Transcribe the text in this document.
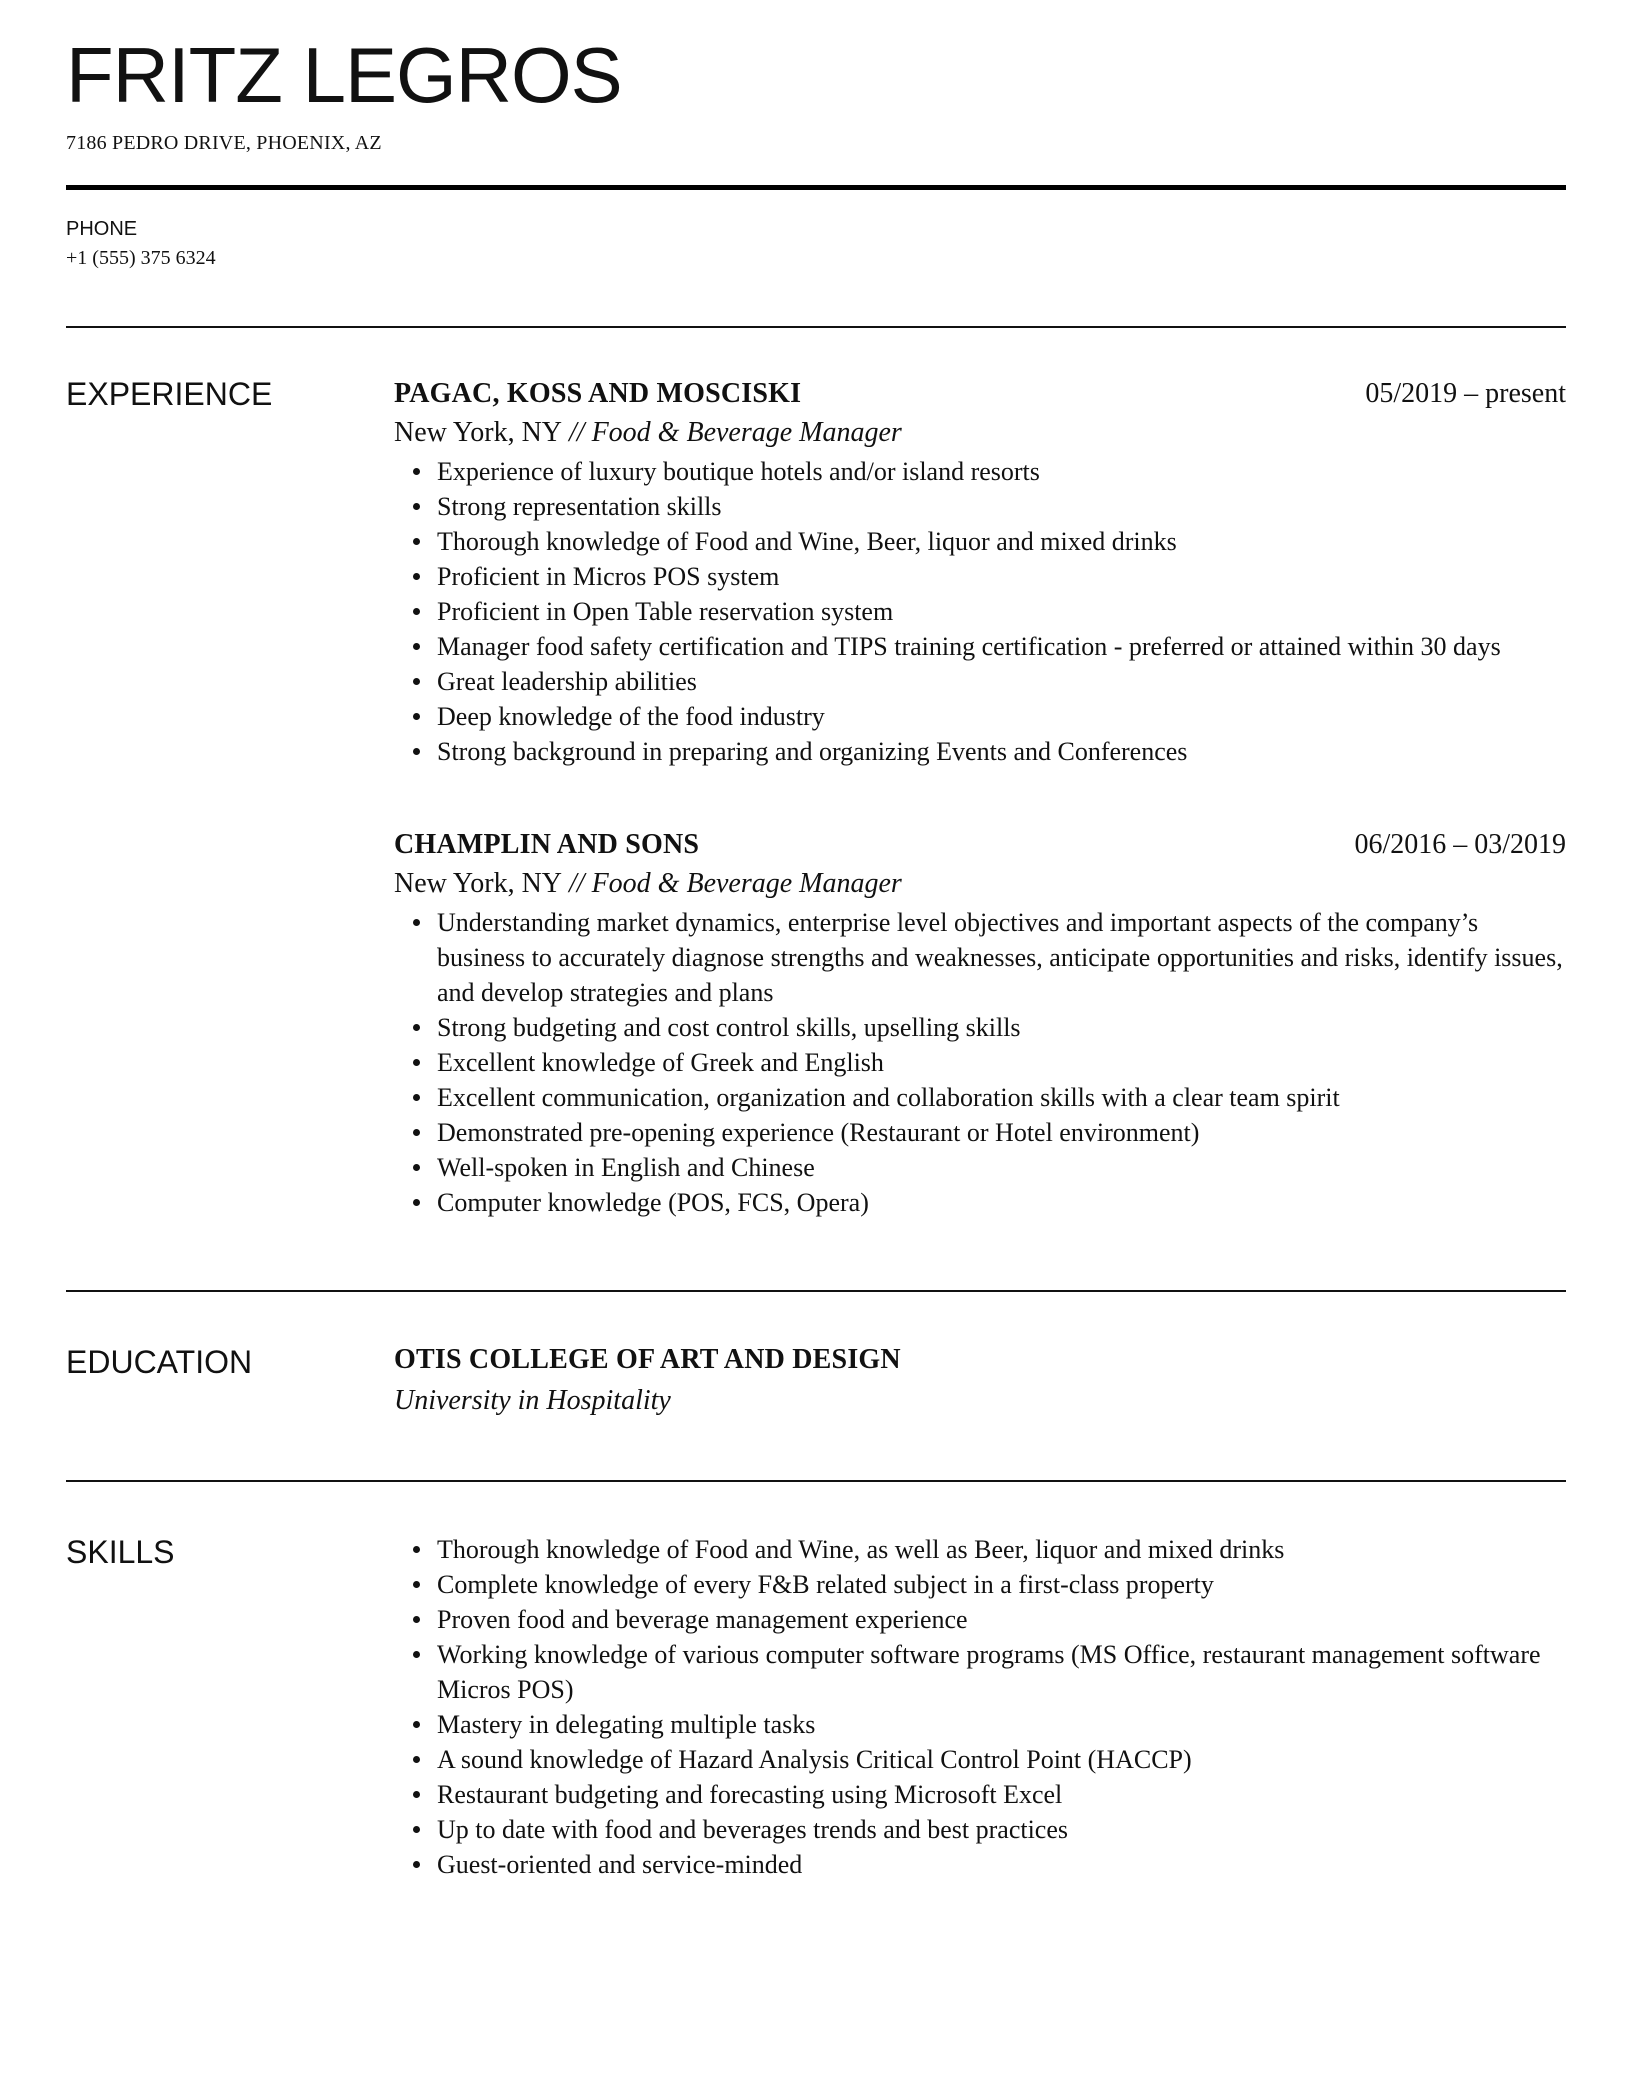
FRITZ LEGROS
7186 PEDRO DRIVE, PHOENIX, AZ
PHONE
+1 (555) 375 6324
EXPERIENCE	PAGAC, KOSS AND MOSCISKI	05/2019 – present
New York, NY // Food & Beverage Manager
Experience of luxury boutique hotels and/or island resorts
Strong representation skills
Thorough knowledge of Food and Wine, Beer, liquor and mixed drinks
Proficient in Micros POS system
Proficient in Open Table reservation system
Manager food safety certification and TIPS training certification - preferred or attained within 30 days
Great leadership abilities
Deep knowledge of the food industry
Strong background in preparing and organizing Events and Conferences
CHAMPLIN AND SONS	06/2016 – 03/2019
New York, NY // Food & Beverage Manager
Understanding market dynamics, enterprise level objectives and important aspects of the company’s business to accurately diagnose strengths and weaknesses, anticipate opportunities and risks, identify issues, and develop strategies and plans
Strong budgeting and cost control skills, upselling skills
Excellent knowledge of Greek and English
Excellent communication, organization and collaboration skills with a clear team spirit
Demonstrated pre-opening experience (Restaurant or Hotel environment)
Well-spoken in English and Chinese
Computer knowledge (POS, FCS, Opera)
EDUCATION	OTIS COLLEGE OF ART AND DESIGN
University in Hospitality
SKILLS	Thorough knowledge of Food and Wine, as well as Beer, liquor and mixed drinks
Complete knowledge of every F&B related subject in a first-class property
Proven food and beverage management experience
Working knowledge of various computer software programs (MS Office, restaurant management software Micros POS)
Mastery in delegating multiple tasks
A sound knowledge of Hazard Analysis Critical Control Point (HACCP)
Restaurant budgeting and forecasting using Microsoft Excel
Up to date with food and beverages trends and best practices
Guest-oriented and service-minded
